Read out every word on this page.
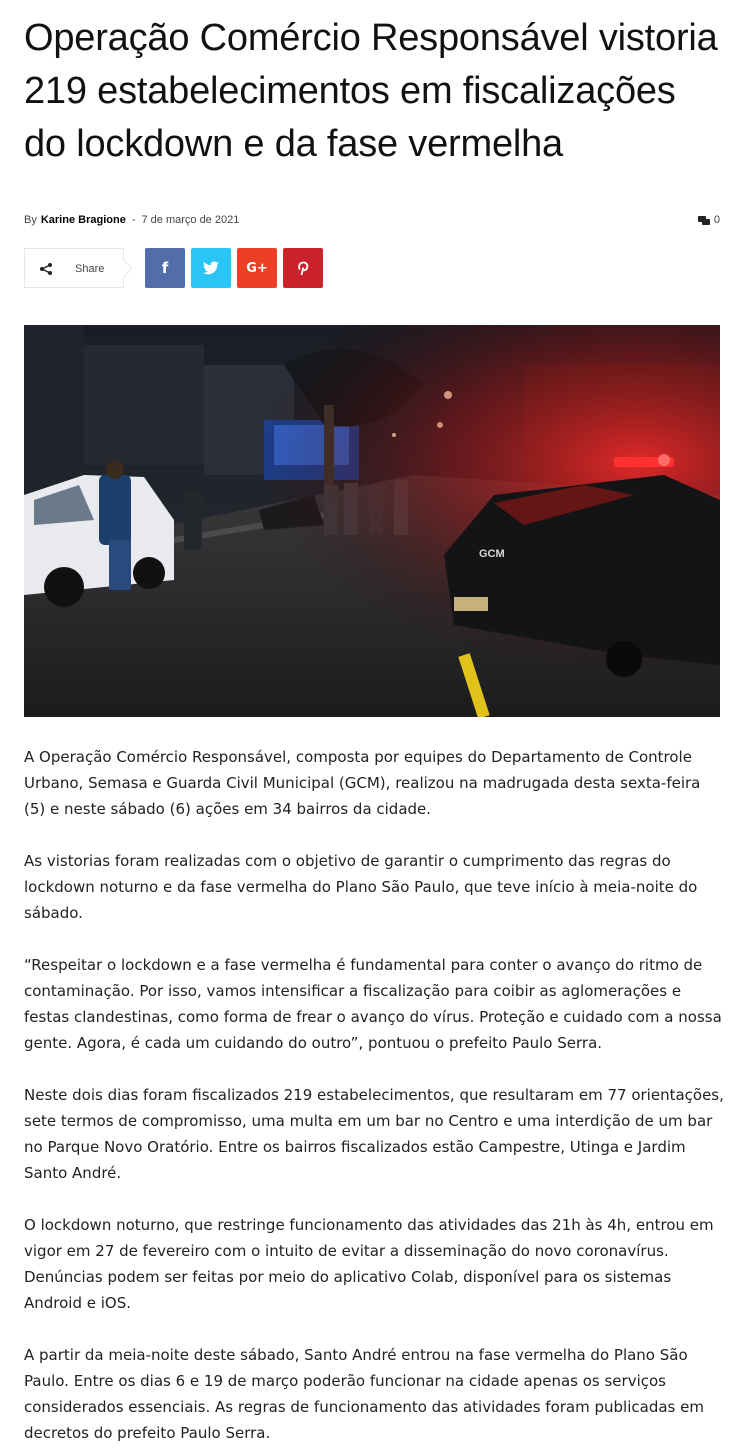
Operação Comércio Responsável vistoria 219 estabelecimentos em fiscalizações do lockdown e da fase vermelha
By Karine Bragione - 7 de março de 2021	0
Share	f	G+
GCM

A Operação Comércio Responsável, composta por equipes do Departamento de Controle Urbano, Semasa e Guarda Civil Municipal (GCM), realizou na madrugada desta sexta-feira (5) e neste sábado (6) ações em 34 bairros da cidade.

As vistorias foram realizadas com o objetivo de garantir o cumprimento das regras do lockdown noturno e da fase vermelha do Plano São Paulo, que teve início à meia-noite do sábado.

“Respeitar o lockdown e a fase vermelha é fundamental para conter o avanço do ritmo de contaminação. Por isso, vamos intensificar a fiscalização para coibir as aglomerações e festas clandestinas, como forma de frear o avanço do vírus. Proteção e cuidado com a nossa gente. Agora, é cada um cuidando do outro”, pontuou o prefeito Paulo Serra.

Neste dois dias foram fiscalizados 219 estabelecimentos, que resultaram em 77 orientações, sete termos de compromisso, uma multa em um bar no Centro e uma interdição de um bar no Parque Novo Oratório. Entre os bairros fiscalizados estão Campestre, Utinga e Jardim Santo André.

O lockdown noturno, que restringe funcionamento das atividades das 21h às 4h, entrou em vigor em 27 de fevereiro com o intuito de evitar a disseminação do novo coronavírus. Denúncias podem ser feitas por meio do aplicativo Colab, disponível para os sistemas Android e iOS.

A partir da meia-noite deste sábado, Santo André entrou na fase vermelha do Plano São Paulo. Entre os dias 6 e 19 de março poderão funcionar na cidade apenas os serviços considerados essenciais. As regras de funcionamento das atividades foram publicadas em decretos do prefeito Paulo Serra.
